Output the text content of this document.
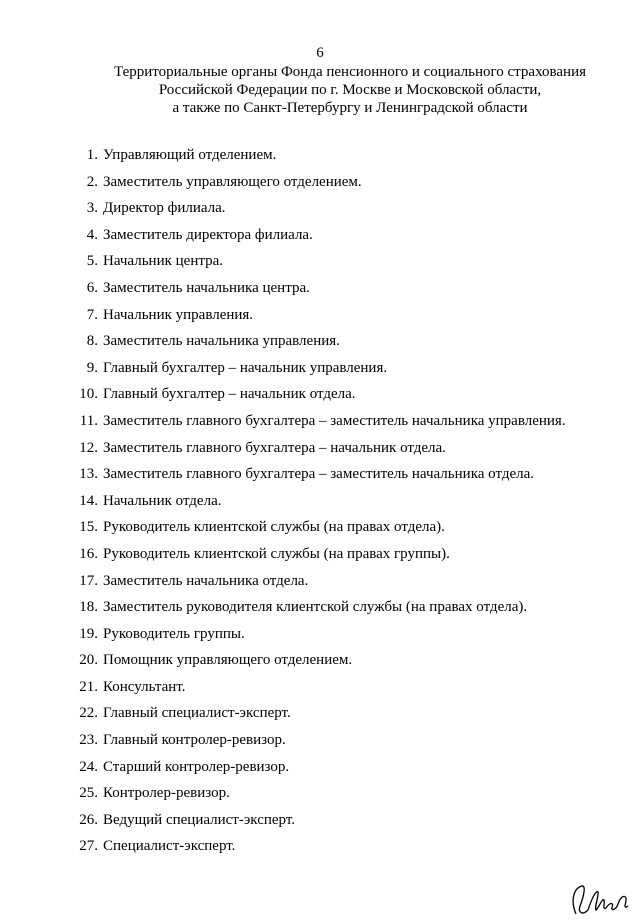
6
Территориальные органы Фонда пенсионного и социального страхования
Российской Федерации по г. Москве и Московской области,
а также по Санкт-Петербургу и Ленинградской области
1. Управляющий отделением.
2. Заместитель управляющего отделением.
3. Директор филиала.
4. Заместитель директора филиала.
5. Начальник центра.
6. Заместитель начальника центра.
7. Начальник управления.
8. Заместитель начальника управления.
9. Главный бухгалтер – начальник управления.
10. Главный бухгалтер – начальник отдела.
11. Заместитель главного бухгалтера – заместитель начальника управления.
12. Заместитель главного бухгалтера – начальник отдела.
13. Заместитель главного бухгалтера – заместитель начальника отдела.
14. Начальник отдела.
15. Руководитель клиентской службы (на правах отдела).
16. Руководитель клиентской службы (на правах группы).
17. Заместитель начальника отдела.
18. Заместитель руководителя клиентской службы (на правах отдела).
19. Руководитель группы.
20. Помощник управляющего отделением.
21. Консультант.
22. Главный специалист-эксперт.
23. Главный контролер-ревизор.
24. Старший контролер-ревизор.
25. Контролер-ревизор.
26. Ведущий специалист-эксперт.
27. Специалист-эксперт.
